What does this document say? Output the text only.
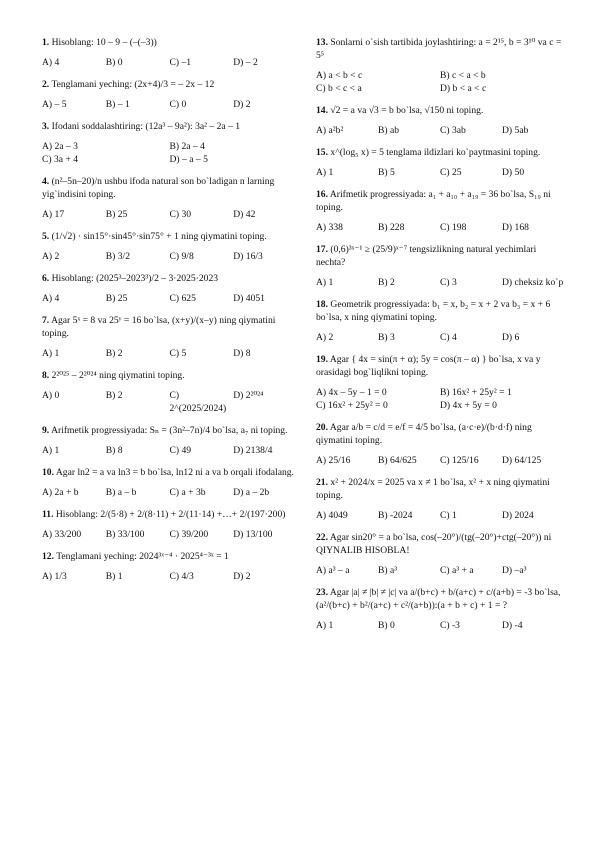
1. Hisoblang: 10 – 9 – (–(–3))
A) 4	B) 0	C) –1	D) – 2
2. Tenglamani yeching: (2x+4)/3 = – 2x – 12
A) – 5	B) – 1	C) 0	D) 2
3. Ifodani soddalashtiring: (12a³ – 9a²): 3a² – 2a – 1
A) 2a – 3	B) 2a – 4
C) 3a + 4	D) – a – 5
4. (n²–5n–20)/n ushbu ifoda natural son bo`ladigan n larning yig`indisini toping.
A) 17	B) 25	C) 30	D) 42
5. (1/√2) · sin15°·sin45°·sin75° + 1 ning qiymatini toping.
A) 2	B) 3/2	C) 9/8	D) 16/3
6. Hisoblang: (2025³–2023³)/2 – 3·2025·2023
A) 4	B) 25	C) 625	D) 4051
7. Agar 5ˣ = 8 va 25ʸ = 16 bo`lsa, (x+y)/(x–y) ning qiymatini toping.
A) 1	B) 2	C) 5	D) 8
8. 2²⁰²⁵ – 2²⁰²⁴ ning qiymatini toping.
A) 0	B) 2	C) 2^(2025/2024)
D) 2²⁰²⁴
9. Arifmetik progressiyada: Sₙ = (3n²–7n)/4 bo`lsa, a₇ ni toping.
A) 1	B) 8	C) 49	D) 2138/4
10. Agar ln2 = a va ln3 = b bo`lsa, ln12 ni a va b orqali ifodalang.
A) 2a + b	B) a – b	C) a + 3b	D) a – 2b
11. Hisoblang: 2/(5·8) + 2/(8·11) + 2/(11·14) +…+ 2/(197·200)
A) 33/200	B) 33/100	C) 39/200	D) 13/100
12. Tenglamani yeching: 2024³ˣ⁻⁴ · 2025⁴⁻³ˣ = 1
A) 1/3	B) 1	C) 4/3	D) 2
13. Sonlarni o`sish tartibida joylashtiring: a = 2¹⁵, b = 3¹⁰ va c = 5⁵
A) a < b < c	B) c < a < b
C) b < c < a	D) b < a < c
14. √2 = a va √3 = b bo`lsa, √150 ni toping.
A) a²b²	B) ab	C) 3ab	D) 5ab
15. x^(log₅ x) = 5 tenglama ildizlari ko`paytmasini toping.
A) 1	B) 5	C) 25	D) 50
16. Arifmetik progressiyada: a₁ + a₁₀ + a₁₉ = 36 bo`lsa, S₁₉ ni toping.
A) 338	B) 228	C) 198	D) 168
17. (0,6)³ˣ⁻¹ ≥ (25/9)ˣ⁻⁷ tengsizlikning natural yechimlari nechta?
A) 1	B) 2	C) 3	D) cheksiz ko`p
18. Geometrik progressiyada: b₁ = x, b₂ = x + 2 va b₃ = x + 6 bo`lsa, x ning qiymatini toping.
A) 2	B) 3	C) 4	D) 6
19. Agar { 4x = sin(π + α); 5y = cos(π – α) } bo`lsa, x va y orasidagi bog`liqlikni toping.
A) 4x – 5y – 1 = 0	B) 16x² + 25y² = 1
C) 16x² + 25y² = 0	D) 4x + 5y = 0
20. Agar a/b = c/d = e/f = 4/5 bo`lsa, (a·c·e)/(b·d·f) ning qiymatini toping.
A) 25/16	B) 64/625	C) 125/16	D) 64/125
21. x² + 2024/x = 2025 va x ≠ 1 bo`lsa, x² + x ning qiymatini toping.
A) 4049	B) -2024	C) 1	D) 2024
22. Agar sin20° = a bo`lsa, cos(–20°)/(tg(–20°)+ctg(–20°)) ni QIYNALIB HISOBLA!
A) a³ – a	B) a³	C) a³ + a	D) –a³
23. Agar |a| ≠ |b| ≠ |c| va a/(b+c) + b/(a+c) + c/(a+b) = -3 bo`lsa, (a²/(b+c) + b²/(a+c) + c²/(a+b)):(a + b + c) + 1 = ?
A) 1	B) 0	C) -3	D) -4
